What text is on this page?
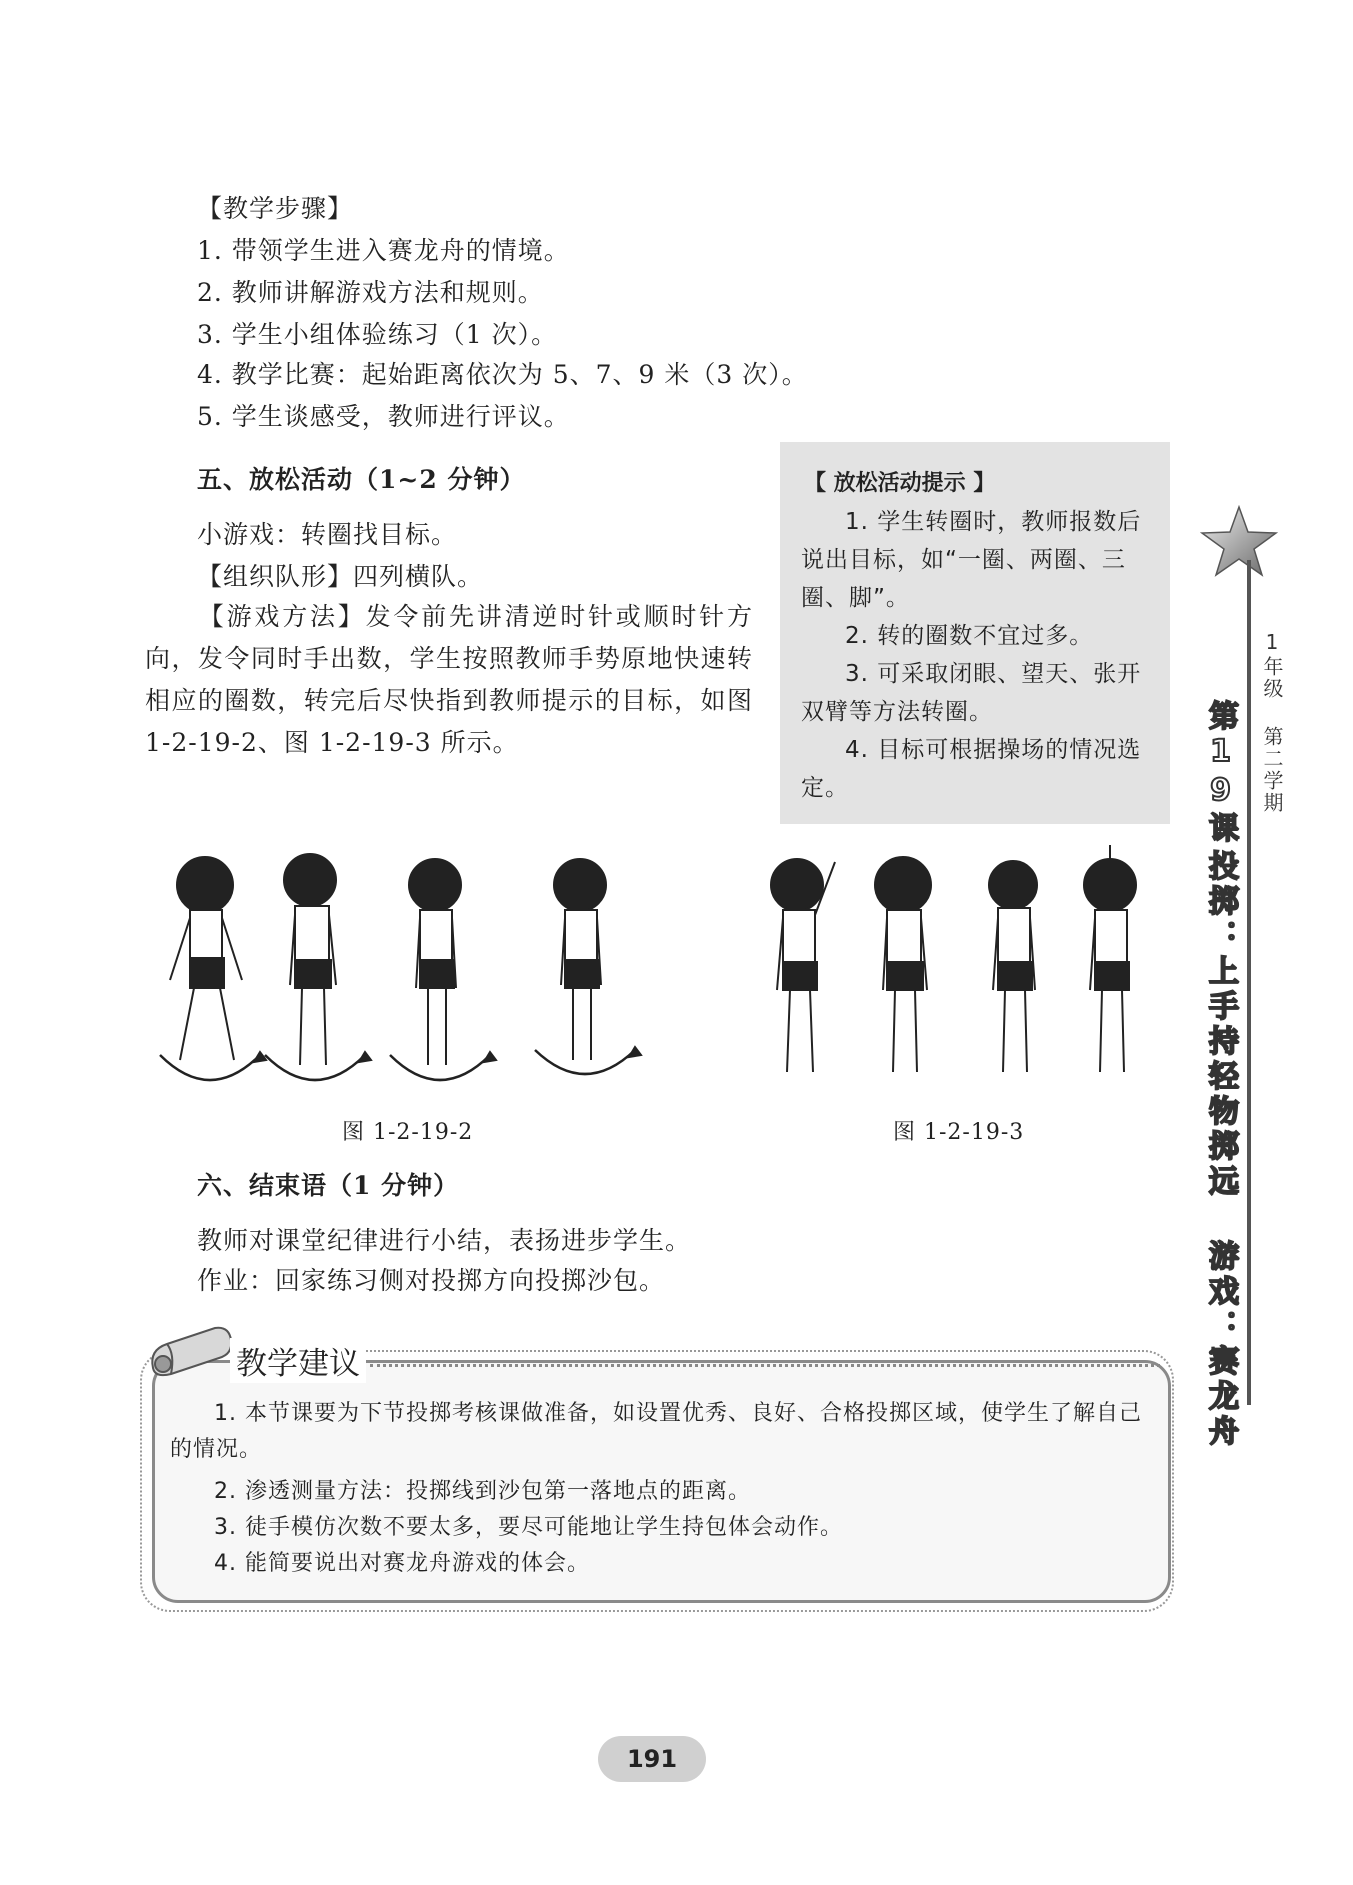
【教学步骤】
1. 带领学生进入赛龙舟的情境。
2. 教师讲解游戏方法和规则。
3. 学生小组体验练习（1 次）。
4. 教学比赛：起始距离依次为 5、7、9 米（3 次）。
5. 学生谈感受，教师进行评议。
五、放松活动（1~2 分钟）
小游戏：转圈找目标。
【组织队形】四列横队。
【游戏方法】发令前先讲清逆时针或顺时针方向，发令同时手出数，学生按照教师手势原地快速转相应的圈数，转完后尽快指到教师提示的目标，如图 1-2-19-2、图 1-2-19-3 所示。
【 放松活动提示 】
1. 学生转圈时，教师报数后说出目标，如“一圈、两圈、三圈、脚”。
2. 转的圈数不宜过多。
3. 可采取闭眼、望天、张开双臂等方法转圈。
4. 目标可根据操场的情况选定。	1年级 第二学期
第19课
投掷：上手持轻物掷远 游戏：赛龙舟
图 1-2-19-2	图 1-2-19-3
六、结束语（1 分钟）
教师对课堂纪律进行小结，表扬进步学生。
作业：回家练习侧对投掷方向投掷沙包。
教学建议
1. 本节课要为下节投掷考核课做准备，如设置优秀、良好、合格投掷区域，使学生了解自己的情况。
2. 渗透测量方法：投掷线到沙包第一落地点的距离。
3. 徒手模仿次数不要太多，要尽可能地让学生持包体会动作。
4. 能简要说出对赛龙舟游戏的体会。
191
